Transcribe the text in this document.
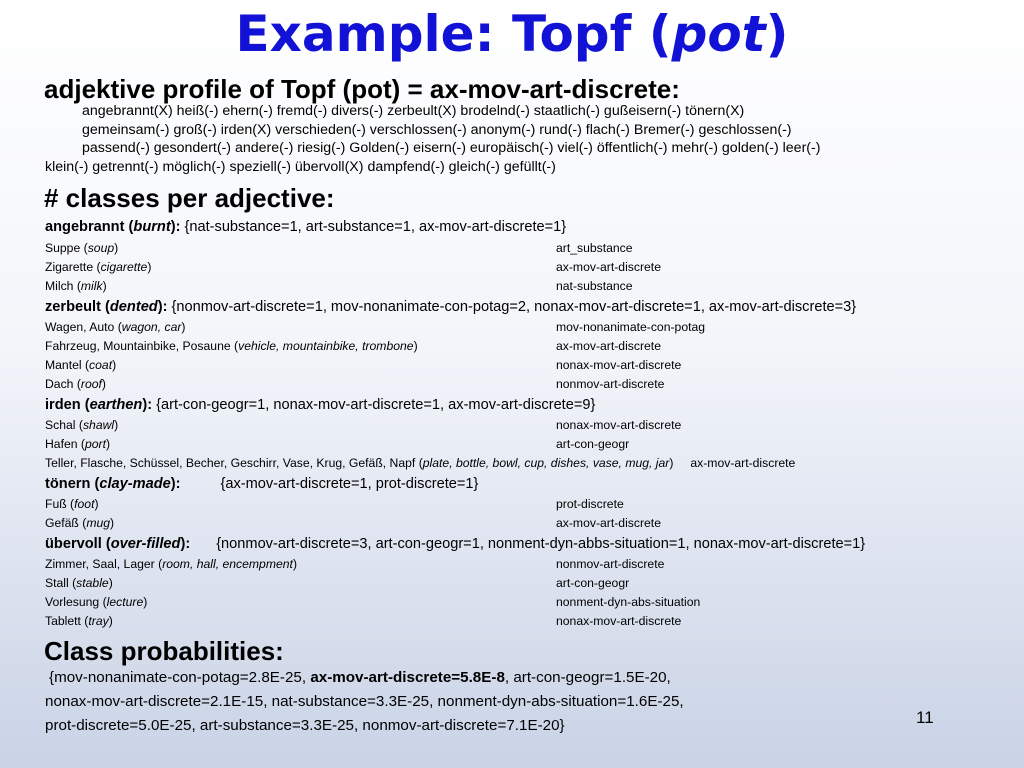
Example: Topf (pot)
adjektive profile of Topf (pot) = ax-mov-art-discrete:
angebrannt(X) heiß(-) ehern(-) fremd(-) divers(-) zerbeult(X) brodelnd(-) staatlich(-) gußeisern(-) tönern(X)
gemeinsam(-) groß(-) irden(X) verschieden(-) verschlossen(-) anonym(-) rund(-) flach(-) Bremer(-) geschlossen(-)
passend(-) gesondert(-) andere(-) riesig(-) Golden(-) eisern(-) europäisch(-) viel(-) öffentlich(-) mehr(-) golden(-) leer(-)
klein(-) getrennt(-) möglich(-) speziell(-) übervoll(X) dampfend(-) gleich(-) gefüllt(-)
# classes per adjective:
angebrannt (burnt): {nat-substance=1, art-substance=1, ax-mov-art-discrete=1}
Suppe (soup)	art_substance
Zigarette (cigarette)	ax-mov-art-discrete
Milch (milk)	nat-substance
zerbeult (dented): {nonmov-art-discrete=1, mov-nonanimate-con-potag=2, nonax-mov-art-discrete=1, ax-mov-art-discrete=3}
Wagen, Auto (wagon, car)	mov-nonanimate-con-potag
Fahrzeug, Mountainbike, Posaune (vehicle, mountainbike, trombone)	ax-mov-art-discrete
Mantel (coat)	nonax-mov-art-discrete
Dach (roof)	nonmov-art-discrete
irden (earthen): {art-con-geogr=1, nonax-mov-art-discrete=1, ax-mov-art-discrete=9}
Schal (shawl)	nonax-mov-art-discrete
Hafen (port)	art-con-geogr
Teller, Flasche, Schüssel, Becher, Geschirr, Vase, Krug, Gefäß, Napf (plate, bottle, bowl, cup, dishes, vase, mug, jar)     ax-mov-art-discrete
tönern (clay-made):	{ax-mov-art-discrete=1, prot-discrete=1}
Fuß (foot)	prot-discrete
Gefäß (mug)	ax-mov-art-discrete
übervoll (over-filled): {nonmov-art-discrete=3, art-con-geogr=1, nonment-dyn-abbs-situation=1, nonax-mov-art-discrete=1}
Zimmer, Saal, Lager (room, hall, encempment)	nonmov-art-discrete
Stall (stable)	art-con-geogr
Vorlesung (lecture)	nonment-dyn-abs-situation
Tablett (tray)	nonax-mov-art-discrete
Class probabilities:
{mov-nonanimate-con-potag=2.8E-25, ax-mov-art-discrete=5.8E-8, art-con-geogr=1.5E-20,
nonax-mov-art-discrete=2.1E-15, nat-substance=3.3E-25, nonment-dyn-abs-situation=1.6E-25,
prot-discrete=5.0E-25, art-substance=3.3E-25, nonmov-art-discrete=7.1E-20}	11
